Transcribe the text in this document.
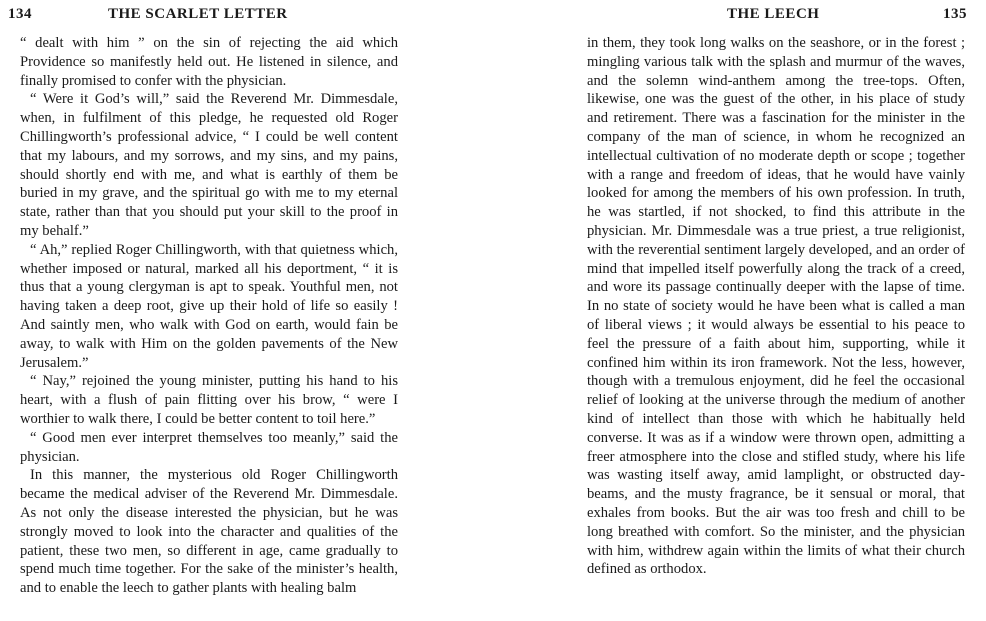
134	THE SCARLET LETTER

“ dealt with him ” on the sin of rejecting the aid which Providence so manifestly held out. He listened in silence, and finally promised to confer with the physician.

“ Were it God’s will,” said the Reverend Mr. Dimmesdale, when, in fulfilment of this pledge, he requested old Roger Chillingworth’s professional advice, “ I could be well content that my labours, and my sorrows, and my sins, and my pains, should shortly end with me, and what is earthly of them be buried in my grave, and the spiritual go with me to my eternal state, rather than that you should put your skill to the proof in my behalf.”

“ Ah,” replied Roger Chillingworth, with that quietness which, whether imposed or natural, marked all his deportment, “ it is thus that a young clergyman is apt to speak. Youthful men, not having taken a deep root, give up their hold of life so easily ! And saintly men, who walk with God on earth, would fain be away, to walk with Him on the golden pavements of the New Jerusalem.”

“ Nay,” rejoined the young minister, putting his hand to his heart, with a flush of pain flitting over his brow, “ were I worthier to walk there, I could be better content to toil here.”

“ Good men ever interpret themselves too meanly,” said the physician.

In this manner, the mysterious old Roger Chillingworth became the medical adviser of the Reverend Mr. Dimmesdale. As not only the disease interested the physician, but he was strongly moved to look into the character and qualities of the patient, these two men, so different in age, came gradually to spend much time together. For the sake of the minister’s health, and to enable the leech to gather plants with healing balm

THE LEECH	135

in them, they took long walks on the seashore, or in the forest ; mingling various talk with the splash and murmur of the waves, and the solemn wind-anthem among the tree-tops. Often, likewise, one was the guest of the other, in his place of study and retirement. There was a fascination for the minister in the company of the man of science, in whom he recognized an intellectual cultivation of no moderate depth or scope ; together with a range and freedom of ideas, that he would have vainly looked for among the members of his own profession. In truth, he was startled, if not shocked, to find this attribute in the physician. Mr. Dimmesdale was a true priest, a true religionist, with the reverential sentiment largely developed, and an order of mind that impelled itself powerfully along the track of a creed, and wore its passage continually deeper with the lapse of time. In no state of society would he have been what is called a man of liberal views ; it would always be essential to his peace to feel the pressure of a faith about him, supporting, while it confined him within its iron framework. Not the less, however, though with a tremulous enjoyment, did he feel the occasional relief of looking at the universe through the medium of another kind of intellect than those with which he habitually held converse. It was as if a window were thrown open, admitting a freer atmosphere into the close and stifled study, where his life was wasting itself away, amid lamplight, or obstructed day-beams, and the musty fragrance, be it sensual or moral, that exhales from books. But the air was too fresh and chill to be long breathed with comfort. So the minister, and the physician with him, withdrew again within the limits of what their church defined as orthodox.
